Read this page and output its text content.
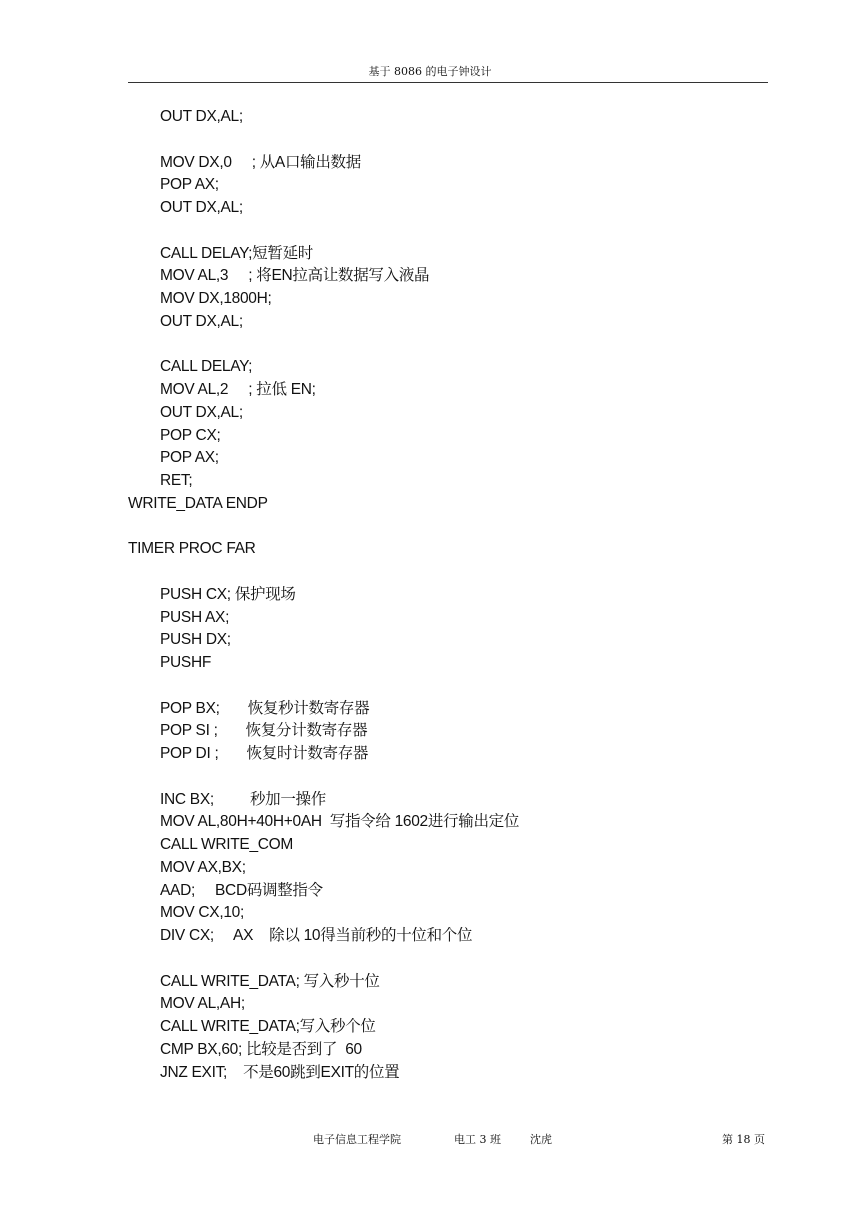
基于 8086 的电子钟设计
OUT DX,AL;
MOV DX,0     ; 从A口输出数据
POP AX;
OUT DX,AL;
CALL DELAY;短暂延时
MOV AL,3     ; 将EN拉高让数据写入液晶
MOV DX,1800H;
OUT DX,AL;
CALL DELAY;
MOV AL,2     ; 拉低 EN;
OUT DX,AL;
POP CX;
POP AX;
RET;
WRITE_DATA ENDP
TIMER PROC FAR
PUSH CX; 保护现场
PUSH AX;
PUSH DX;
PUSHF
POP BX;       恢复秒计数寄存器
POP SI ;       恢复分计数寄存器
POP DI ;       恢复时计数寄存器
INC BX;         秒加一操作
MOV AL,80H+40H+0AH  写指令给 1602进行输出定位
CALL WRITE_COM
MOV AX,BX;
AAD;     BCD码调整指令
MOV CX,10;
DIV CX;     AX    除以 10得当前秒的十位和个位
CALL WRITE_DATA; 写入秒十位
MOV AL,AH;
CALL WRITE_DATA;写入秒个位
CMP BX,60; 比较是否到了  60
JNZ EXIT;    不是60跳到EXIT的位置
电子信息工程学院	电工 3 班	沈虎	第 18 页
